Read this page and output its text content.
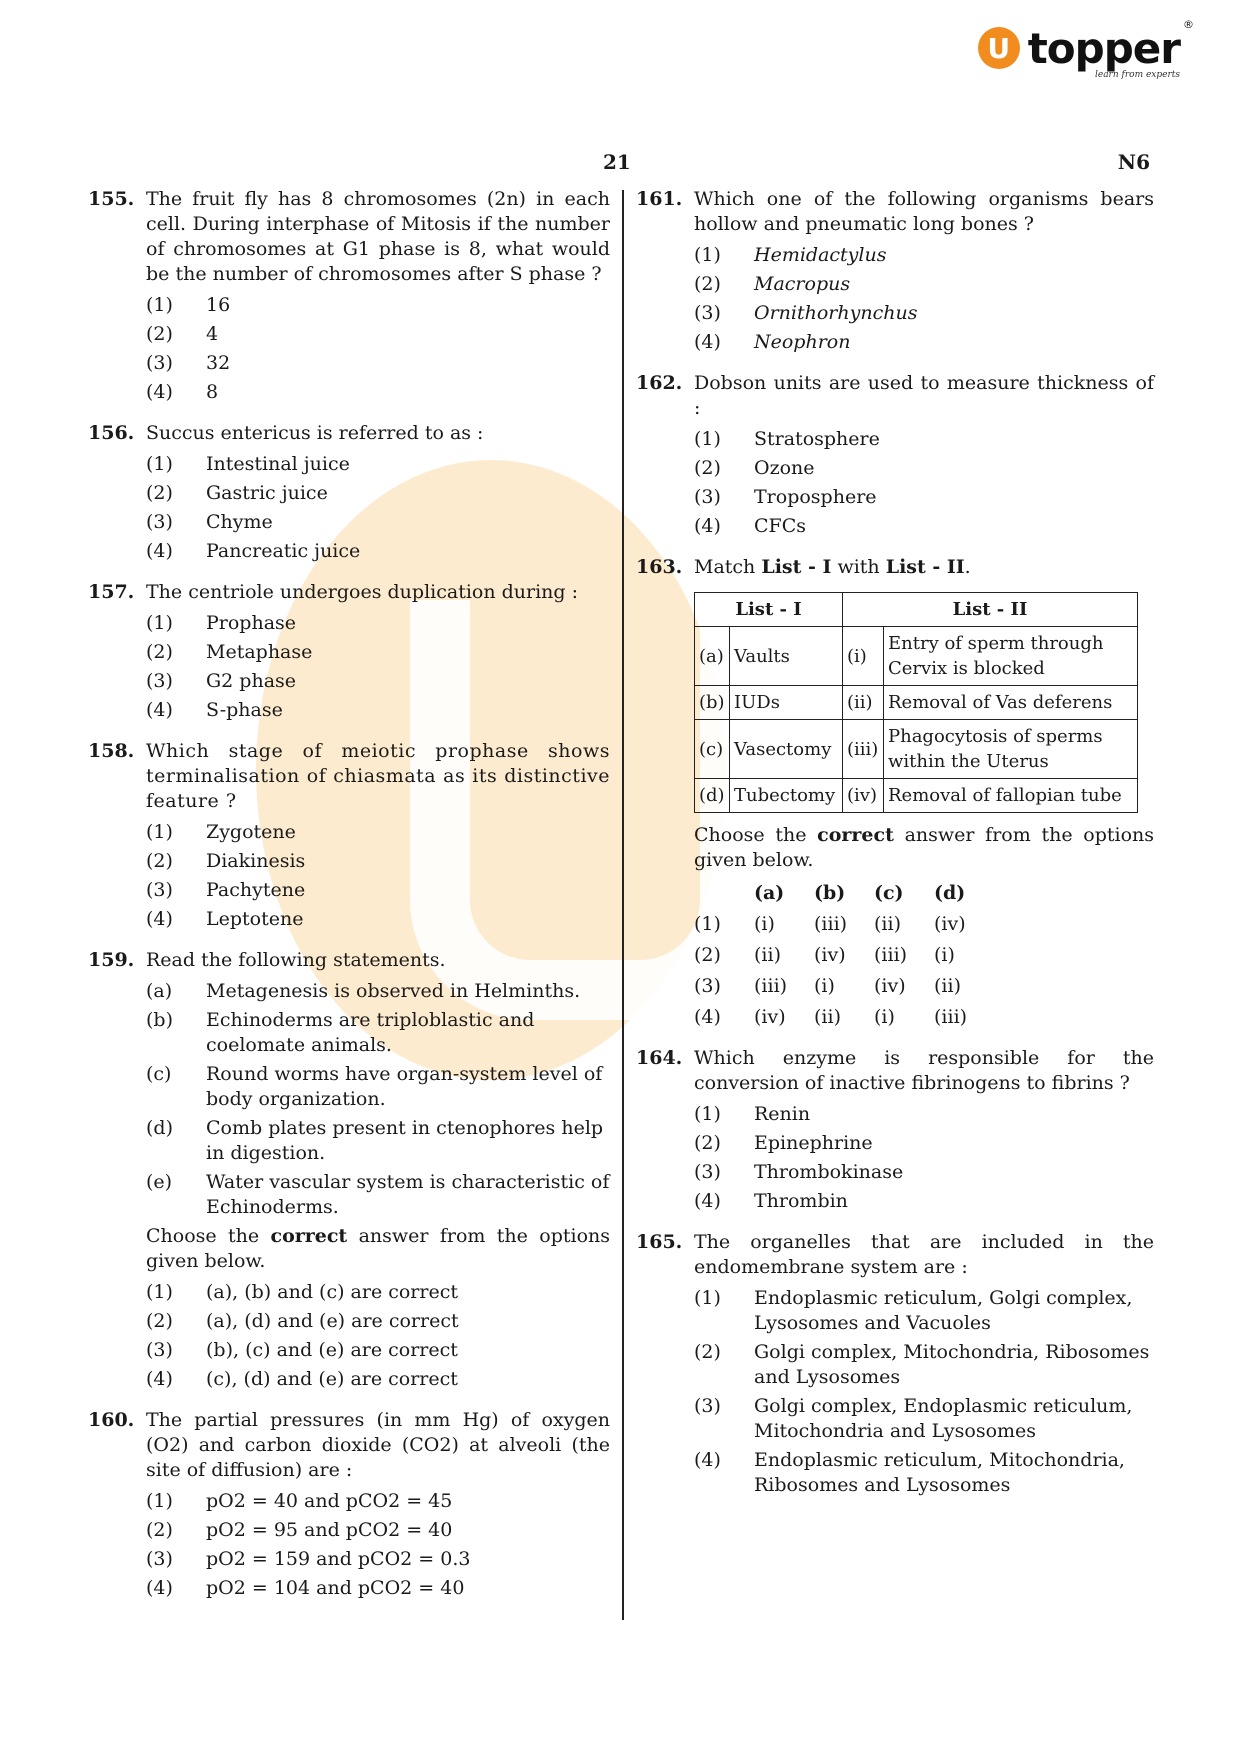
U topper ®
learn from experts
21	N6
155. The fruit fly has 8 chromosomes (2n) in each cell. During interphase of Mitosis if the number of chromosomes at G1 phase is 8, what would be the number of chromosomes after S phase ?
(1) 16
(2) 4
(3) 32
(4) 8
156. Succus entericus is referred to as :
(1) Intestinal juice
(2) Gastric juice
(3) Chyme
(4) Pancreatic juice
157. The centriole undergoes duplication during :
(1) Prophase
(2) Metaphase
(3) G2 phase
(4) S-phase
158. Which stage of meiotic prophase shows terminalisation of chiasmata as its distinctive feature ?
(1) Zygotene
(2) Diakinesis
(3) Pachytene
(4) Leptotene
159. Read the following statements.
(a) Metagenesis is observed in Helminths.
(b) Echinoderms are triploblastic and coelomate animals.
(c) Round worms have organ-system level of body organization.
(d) Comb plates present in ctenophores help in digestion.
(e) Water vascular system is characteristic of Echinoderms.
Choose the correct answer from the options given below.
(1) (a), (b) and (c) are correct
(2) (a), (d) and (e) are correct
(3) (b), (c) and (e) are correct
(4) (c), (d) and (e) are correct
160. The partial pressures (in mm Hg) of oxygen (O2) and carbon dioxide (CO2) at alveoli (the site of diffusion) are :
(1) pO2 = 40 and pCO2 = 45
(2) pO2 = 95 and pCO2 = 40
(3) pO2 = 159 and pCO2 = 0.3
(4) pO2 = 104 and pCO2 = 40
161. Which one of the following organisms bears hollow and pneumatic long bones ?
(1) Hemidactylus
(2) Macropus
(3) Ornithorhynchus
(4) Neophron
162. Dobson units are used to measure thickness of :
(1) Stratosphere
(2) Ozone
(3) Troposphere
(4) CFCs
163. Match List - I with List - II.
List - I		List - II	
(a)	Vaults	(i)	Entry of sperm through Cervix is blocked
(b)	IUDs	(ii)	Removal of Vas deferens
(c)	Vasectomy	(iii)	Phagocytosis of sperms within the Uterus
(d)	Tubectomy	(iv)	Removal of fallopian tube
Choose the correct answer from the options given below.
(a)	(b)	(c)	(d)
(1)	(i)	(iii)	(ii)	(iv)
(2)	(ii)	(iv)	(iii)	(i)
(3)	(iii)	(i)	(iv)	(ii)
(4)	(iv)	(ii)	(i)	(iii)
164. Which enzyme is responsible for the conversion of inactive fibrinogens to fibrins ?
(1) Renin
(2) Epinephrine
(3) Thrombokinase
(4) Thrombin
165. The organelles that are included in the endomembrane system are :
(1) Endoplasmic reticulum, Golgi complex, Lysosomes and Vacuoles
(2) Golgi complex, Mitochondria, Ribosomes and Lysosomes
(3) Golgi complex, Endoplasmic reticulum, Mitochondria and Lysosomes
(4) Endoplasmic reticulum, Mitochondria, Ribosomes and Lysosomes
